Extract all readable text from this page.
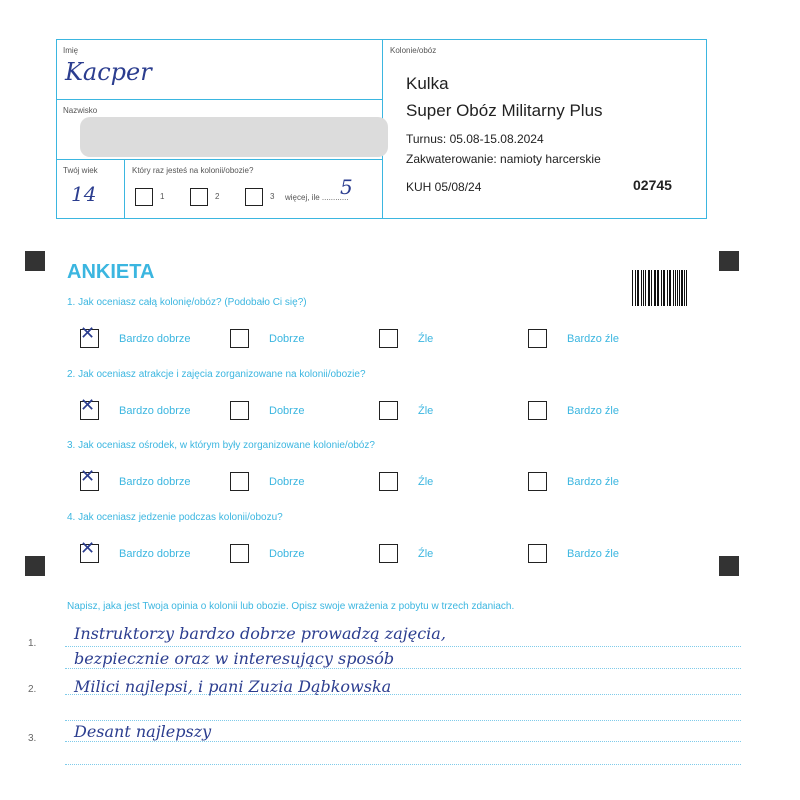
Imię
Kacper
Nazwisko
Twój wiek
14
Który raz jesteś na kolonii/obozie?
1	2	3 więcej, ile ............
5
Kolonie/obóz
Kulka
Super Obóz Militarny Plus
Turnus: 05.08-15.08.2024
Zakwaterowanie: namioty harcerskie
KUH 05/08/24	02745
ANKIETA
1. Jak oceniasz całą kolonię/obóz? (Podobało Ci się?)
✕ Bardzo dobrze	Dobrze	Źle	Bardzo źle
2. Jak oceniasz atrakcje i zajęcia zorganizowane na kolonii/obozie?
✕ Bardzo dobrze	Dobrze	Źle	Bardzo źle
3. Jak oceniasz ośrodek, w którym były zorganizowane kolonie/obóz?
✕ Bardzo dobrze	Dobrze	Źle	Bardzo źle
4. Jak oceniasz jedzenie podczas kolonii/obozu?
✕ Bardzo dobrze	Dobrze	Źle	Bardzo źle
Napisz, jaka jest Twoja opinia o kolonii lub obozie. Opisz swoje wrażenia z pobytu w trzech zdaniach.
1.
2.
3.
Instruktorzy bardzo dobrze prowadzą zajęcia,
bezpiecznie oraz w interesujący sposób
Milici najlepsi, i pani Zuzia Dąbkowska
Desant najlepszy
